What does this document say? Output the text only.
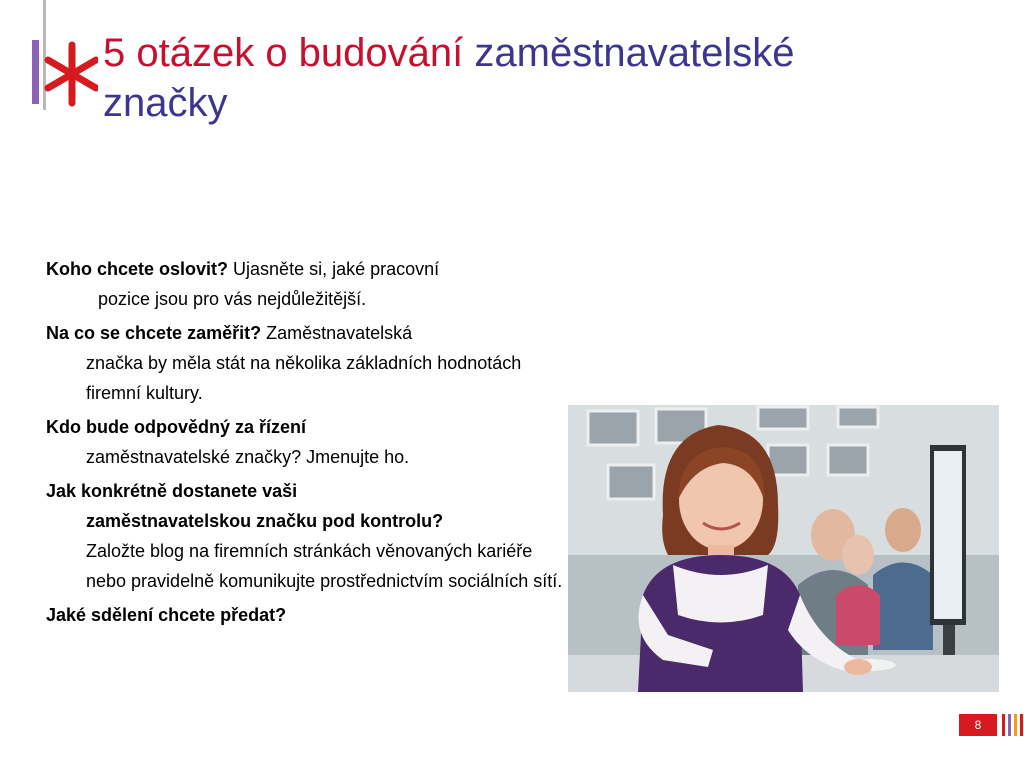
5 otázek o budování zaměstnavatelské
značky
Koho chcete oslovit? Ujasněte si, jaké pracovní
pozice jsou pro vás nejdůležitější.
Na co se chcete zaměřit? Zaměstnavatelská
značka by měla stát na několika základních hodnotách firemní kultury.
Kdo bude odpovědný za řízení
zaměstnavatelské značky? Jmenujte ho.
Jak konkrétně dostanete vaši
zaměstnavatelskou značku pod kontrolu?
Založte blog na firemních stránkách věnovaných kariéře nebo pravidelně komunikujte prostřednictvím sociálních sítí.
Jaké sdělení chcete předat?
8
